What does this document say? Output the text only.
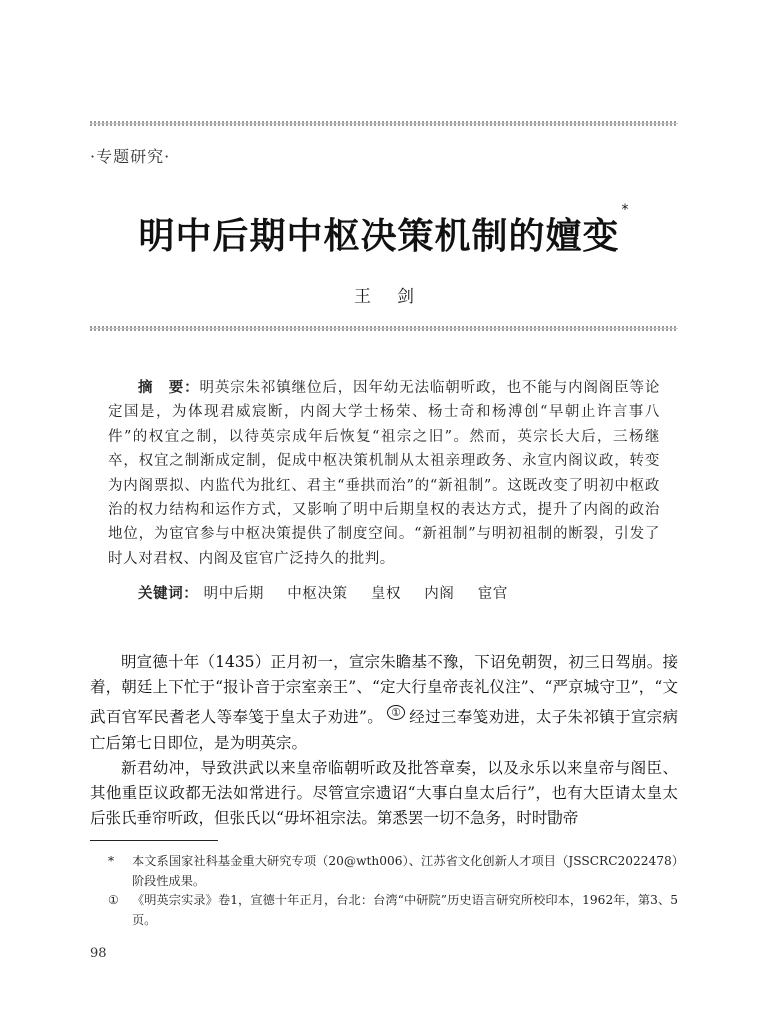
·专题研究·
明中后期中枢决策机制的嬗变*
王剑
摘　要：明英宗朱祁镇继位后，因年幼无法临朝听政，也不能与内阁阁臣等论定国是，为体现君威宸断，内阁大学士杨荣、杨士奇和杨溥创“早朝止许言事八件”的权宜之制，以待英宗成年后恢复“祖宗之旧”。然而，英宗长大后，三杨继卒，权宜之制渐成定制，促成中枢决策机制从太祖亲理政务、永宣内阁议政，转变为内阁票拟、内监代为批红、君主“垂拱而治”的“新祖制”。这既改变了明初中枢政治的权力结构和运作方式，又影响了明中后期皇权的表达方式，提升了内阁的政治地位，为宦官参与中枢决策提供了制度空间。“新祖制”与明初祖制的断裂，引发了时人对君权、内阁及宦官广泛持久的批判。
关键词： 明中后期 中枢决策 皇权 内阁 宦官

明宣德十年（1435）正月初一，宣宗朱瞻基不豫，下诏免朝贺，初三日驾崩。接着，朝廷上下忙于“报讣音于宗室亲王”、“定大行皇帝丧礼仪注”、“严京城守卫”，“文武百官军民耆老人等奉笺于皇太子劝进”。 ① 经过三奉笺劝进，太子朱祁镇于宣宗病亡后第七日即位，是为明英宗。

新君幼冲，导致洪武以来皇帝临朝听政及批答章奏，以及永乐以来皇帝与阁臣、其他重臣议政都无法如常进行。尽管宣宗遗诏“大事白皇太后行”，也有大臣请太皇太后张氏垂帘听政，但张氏以“毋坏祖宗法。第悉罢一切不急务，时时勖帝

* 本文系国家社科基金重大研究专项（20@wth006）、江苏省文化创新人才项目（JSSCRC2022478）阶段性成果。
① 《明英宗实录》卷1，宣德十年正月，台北：台湾“中研院”历史语言研究所校印本，1962年，第3、5页。
98
